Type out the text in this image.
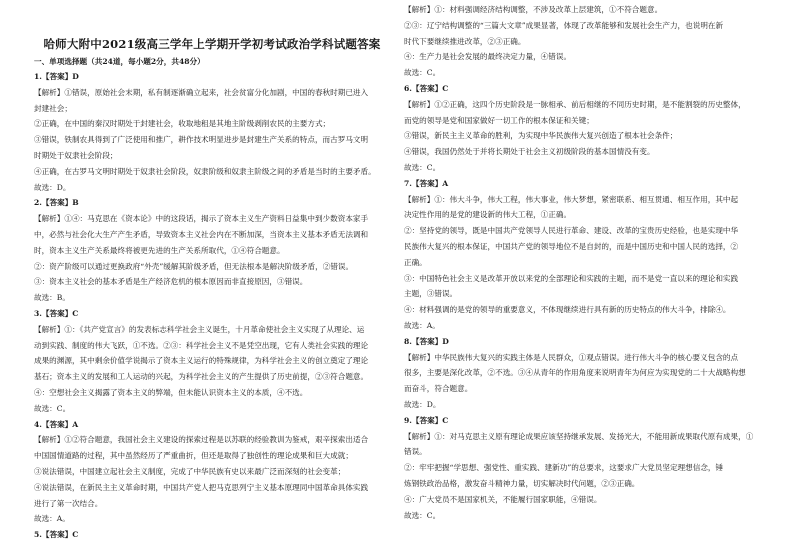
哈师大附中2021级高三学年上学期开学初考试政治学科试题答案
一、单项选择题（共24道，每小题2分，共48分）
1.【答案】D
【解析】①错误，原始社会末期，私有制逐渐确立起来，社会贫富分化加剧，中国的春秋时期已进入
封建社会；
②正确，在中国的秦汉时期处于封建社会，收取地租是其地主阶级剥削农民的主要方式；
③错误，铁制农具得到了广泛使用和推广，耕作技术明显进步是封建生产关系的特点，而古罗马文明
时期处于奴隶社会阶段；
④正确，在古罗马文明时期处于奴隶社会阶段，奴隶阶级和奴隶主阶级之间的矛盾是当时的主要矛盾。
故选：D。
2.【答案】B
【解析】①④：马克思在《资本论》中的这段话，揭示了资本主义生产资料日益集中到少数资本家手
中，必然与社会化大生产产生矛盾，导致资本主义社会内在不断加深，当资本主义基本矛盾无法调和
时，资本主义生产关系最终将被更先进的生产关系所取代，①④符合题意。
②：资产阶级可以通过更换政府“外壳”缓解其阶级矛盾，但无法根本是解决阶级矛盾，②错误。
③：资本主义社会的基本矛盾是生产经济危机的根本原因而非直接原因，③错误。
故选：B。
3.【答案】C
【解析】①：《共产党宣言》的发表标志科学社会主义诞生，十月革命使社会主义实现了从理论、运
动到实践、制度的伟大飞跃，①不选。②③：科学社会主义不是凭空出现，它有人类社会实践的理论
成果的渊源，其中剩余价值学说揭示了资本主义运行的特殊规律，为科学社会主义的创立奠定了理论
基石；资本主义的发展和工人运动的兴起，为科学社会主义的产生提供了历史前提，②③符合题意。
④：空想社会主义揭露了资本主义的弊端，但未能认识资本主义的本质，④不选。
故选：C。
4.【答案】A
【解析】①②符合题意，我国社会主义建设的探索过程是以苏联的经验教训为鉴戒，艰辛探索出适合
中国国情道路的过程，其中虽然经历了严重曲折，但还是取得了独创性的理论成果和巨大成就；
③说法错误，中国建立起社会主义制度，完成了中华民族有史以来最广泛而深刻的社会变革；
④说法错误，在新民主主义革命时期，中国共产党人把马克思列宁主义基本原理同中国革命具体实践
进行了第一次结合。
故选：A。
5.【答案】C
【解析】①：材料强调经济结构调整，不涉及改革上层建筑，①不符合题意。
②③：辽宁结构调整的“三篇大文章”成果显著，体现了改革能够和发展社会生产力，也说明在新
时代下要继续推进改革，②③正确。
④：生产力是社会发展的最终决定力量，④错误。
故选：C。
6.【答案】C
【解析】①②正确，这四个历史阶段是一脉相承、前后相继的不同历史时期，是不能割裂的历史整体，
而党的领导是党和国家做好一切工作的根本保证和关键；
③错误，新民主主义革命的胜利，为实现中华民族伟大复兴创造了根本社会条件；
④错误，我国仍然处于并将长期处于社会主义初级阶段的基本国情没有变。
故选：C。
7.【答案】A
【解析】①：伟大斗争，伟大工程，伟大事业，伟大梦想，紧密联系、相互贯通、相互作用，其中起
决定性作用的是党的建设新的伟大工程，①正确。
②：坚持党的领导，既是中国共产党领导人民进行革命、建设、改革的宝贵历史经验，也是实现中华
民族伟大复兴的根本保证，中国共产党的领导地位不是自封的，而是中国历史和中国人民的选择，②
正确。
③：中国特色社会主义是改革开放以来党的全部理论和实践的主题，而不是党一直以来的理论和实践
主题，③错误。
④：材料强调的是党的领导的重要意义，不体现继续进行具有新的历史特点的伟大斗争，排除④。
故选：A。
8.【答案】D
【解析】中华民族伟大复兴的实践主体是人民群众，①观点错误。进行伟大斗争的核心要义包含的点
很多，主要是深化改革，②不选。③④从青年的作用角度来说明青年为何应为实现党的二十大战略构想
而奋斗，符合题意。
故选：D。
9.【答案】C
【解析】①：对马克思主义原有理论成果应该坚持继承发展、发扬光大，不能用新成果取代原有成果，①
错误。
②：牢牢把握“学思想、强党性、重实践、建新功”的总要求，这要求广大党员坚定理想信念，锤
炼钢铁政治品格，激发奋斗精神力量，切实解决时代问题，②③正确。
④：广大党员不是国家机关，不能履行国家职能，④错误。
故选：C。
